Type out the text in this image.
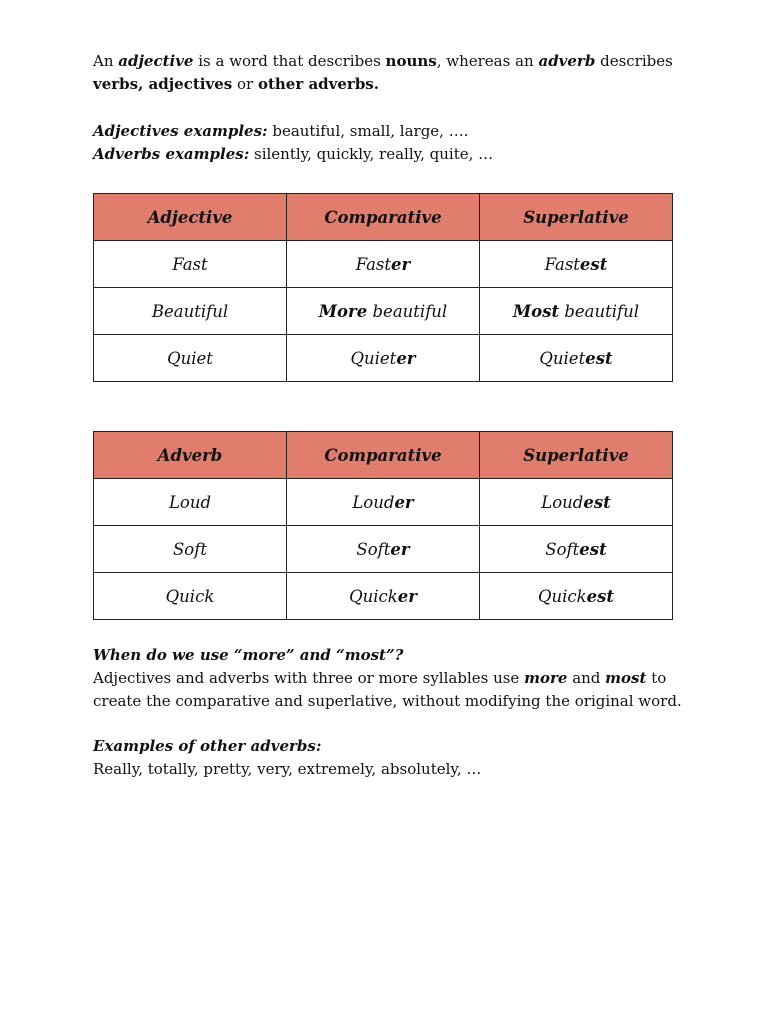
An adjective is a word that describes nouns, whereas an adverb describes
verbs, adjectives or other adverbs.

Adjectives examples: beautiful, small, large, ….
Adverbs examples: silently, quickly, really, quite, …

Adjective	Comparative	Superlative
Fast	Faster	Fastest
Beautiful	More beautiful	Most beautiful
Quiet	Quieter	Quietest
Adverb	Comparative	Superlative
Loud	Louder	Loudest
Soft	Softer	Softest
Quick	Quicker	Quickest

When do we use “more” and “most”?
Adjectives and adverbs with three or more syllables use more and most to create the comparative and superlative, without modifying the original word.

Examples of other adverbs:
Really, totally, pretty, very, extremely, absolutely, …
